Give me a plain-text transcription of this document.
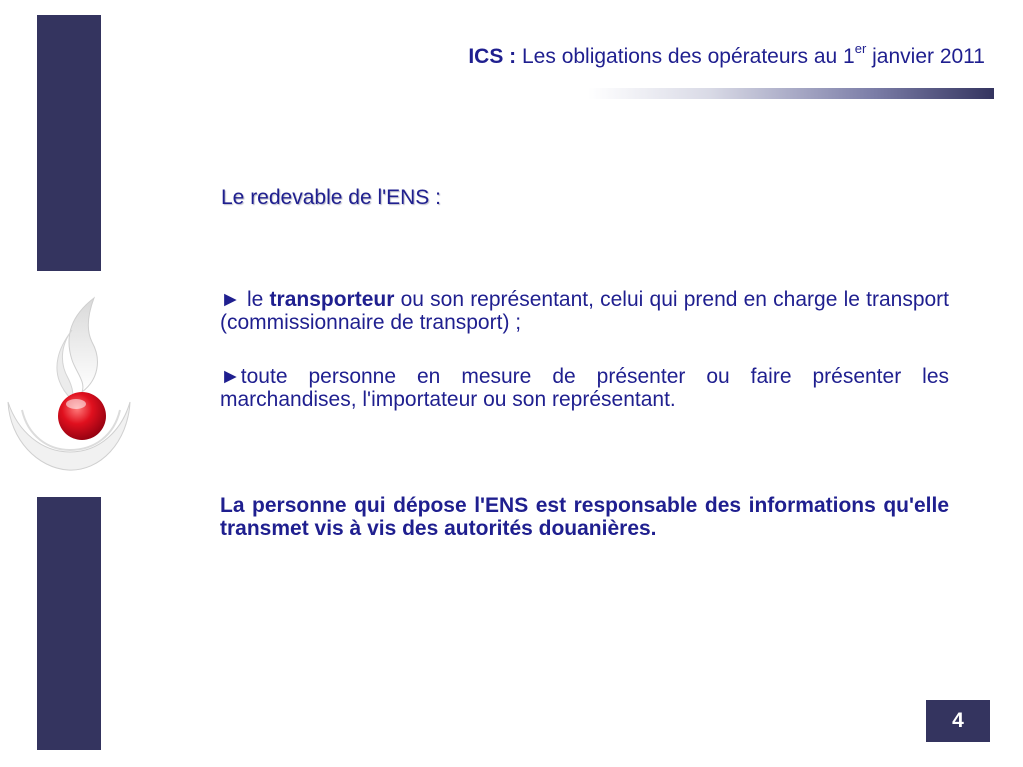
ICS : Les obligations des opérateurs au 1er janvier 2011
Le redevable de l'ENS :
► le transporteur ou son représentant, celui qui prend en charge le transport (commissionnaire de transport) ;
►toute personne en mesure de présenter ou faire présenter les marchandises, l'importateur ou son représentant.
La personne qui dépose l'ENS est responsable des informations qu'elle transmet vis à vis des autorités douanières.
4
